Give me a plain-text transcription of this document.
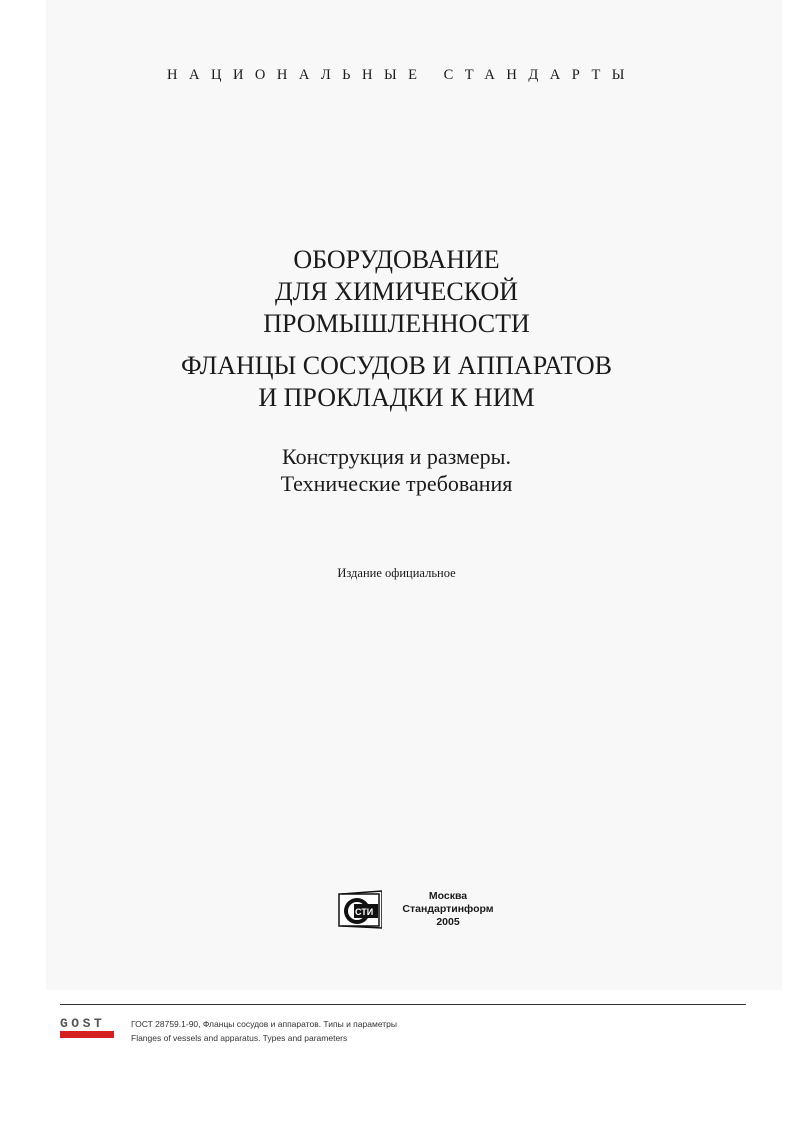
НАЦИОНАЛЬНЫЕ СТАНДАРТЫ
ОБОРУДОВАНИЕ
ДЛЯ ХИМИЧЕСКОЙ
ПРОМЫШЛЕННОСТИ
ФЛАНЦЫ СОСУДОВ И АППАРАТОВ
И ПРОКЛАДКИ К НИМ
Конструкция и размеры.
Технические требования
Издание официальное
СТИ
Москва
Стандартинформ
2005
GOST	ГОСТ 28759.1-90, Фланцы сосудов и аппаратов. Типы и параметры
Flanges of vessels and apparatus. Types and parameters
